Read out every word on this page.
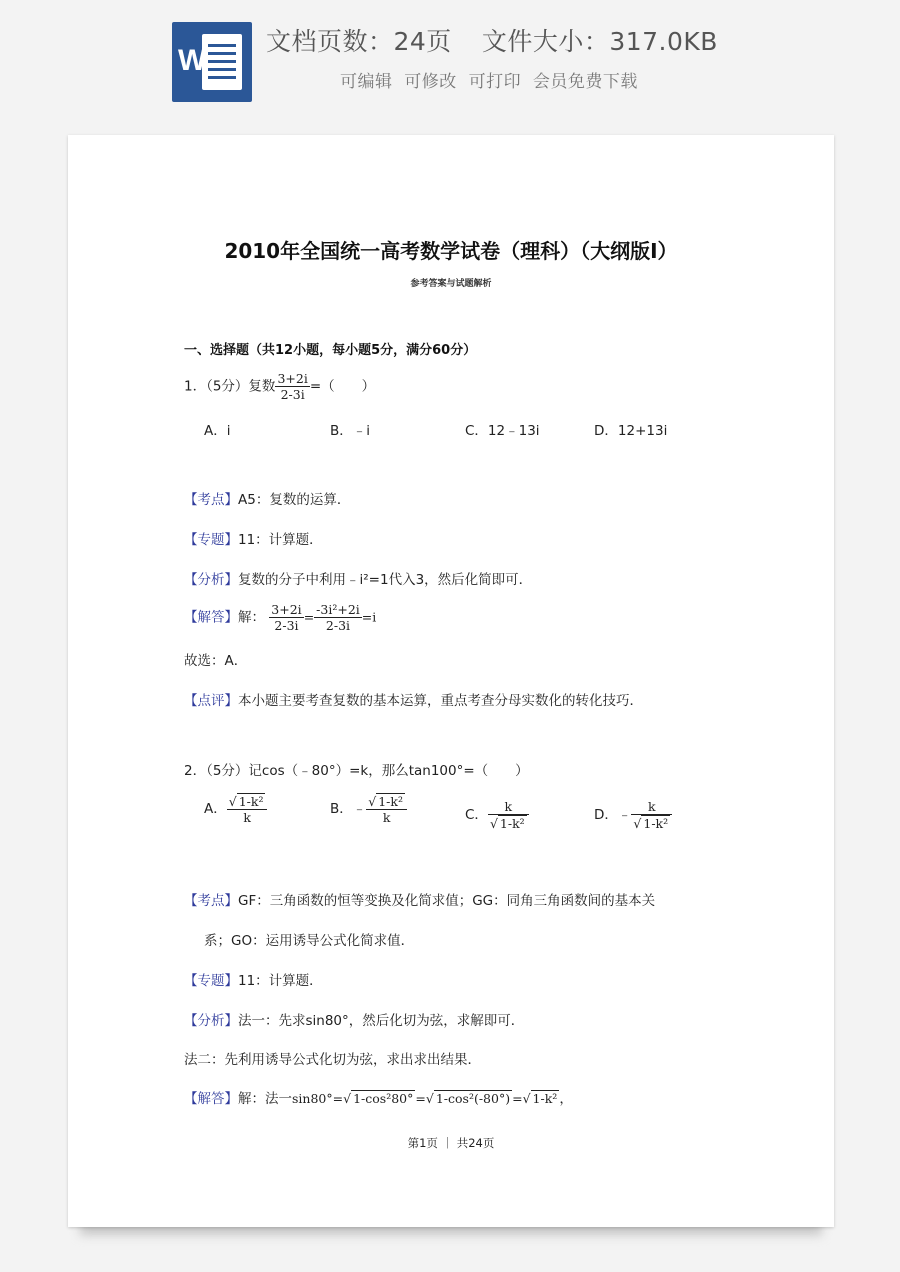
W
文档页数：24页 文件大小：317.0KB
可编辑  可修改  可打印  会员免费下载
2010年全国统一高考数学试卷（理科）（大纲版Ⅰ）
参考答案与试题解析
一、选择题（共12小题，每小题5分，满分60分）
1．（5分）复数 $\frac{3+2i}{2-3i}$ =（　　）
A．i	B．﹣i	C．12﹣13i	D．12+13i
【考点】A5：复数的运算．
【专题】11：计算题．
【分析】复数的分子中利用﹣i²=1代入3，然后化简即可．
【解答】解： $\frac{3+2i}{2-3i} = \frac{\text{-3i²+2i}}{2-3i} =i$
故选：A．
【点评】本小题主要考查复数的基本运算，重点考查分母实数化的转化技巧．
2．（5分）记cos（﹣80°）=k，那么tan100°=（　　）
A． $\frac{\text{√ 1-k²}}{k}$	B．﹣ $\frac{\text{√ 1-k²}}{k}$	C． $\frac{k}{\text{√ 1-k²}}$	D．﹣ $\frac{k}{\text{√ 1-k²}}$
【考点】GF：三角函数的恒等变换及化简求值；GG：同角三角函数间的基本关
系；GO：运用诱导公式化简求值．
【专题】11：计算题．
【分析】法一：先求sin80°，然后化切为弦，求解即可．
法二：先利用诱导公式化切为弦，求出求出结果．
【解答】解：法一sin80°=√ 1-cos²80° =√ 1-cos²(-80°) =√ 1-k² ，
第1页 ｜ 共24页
